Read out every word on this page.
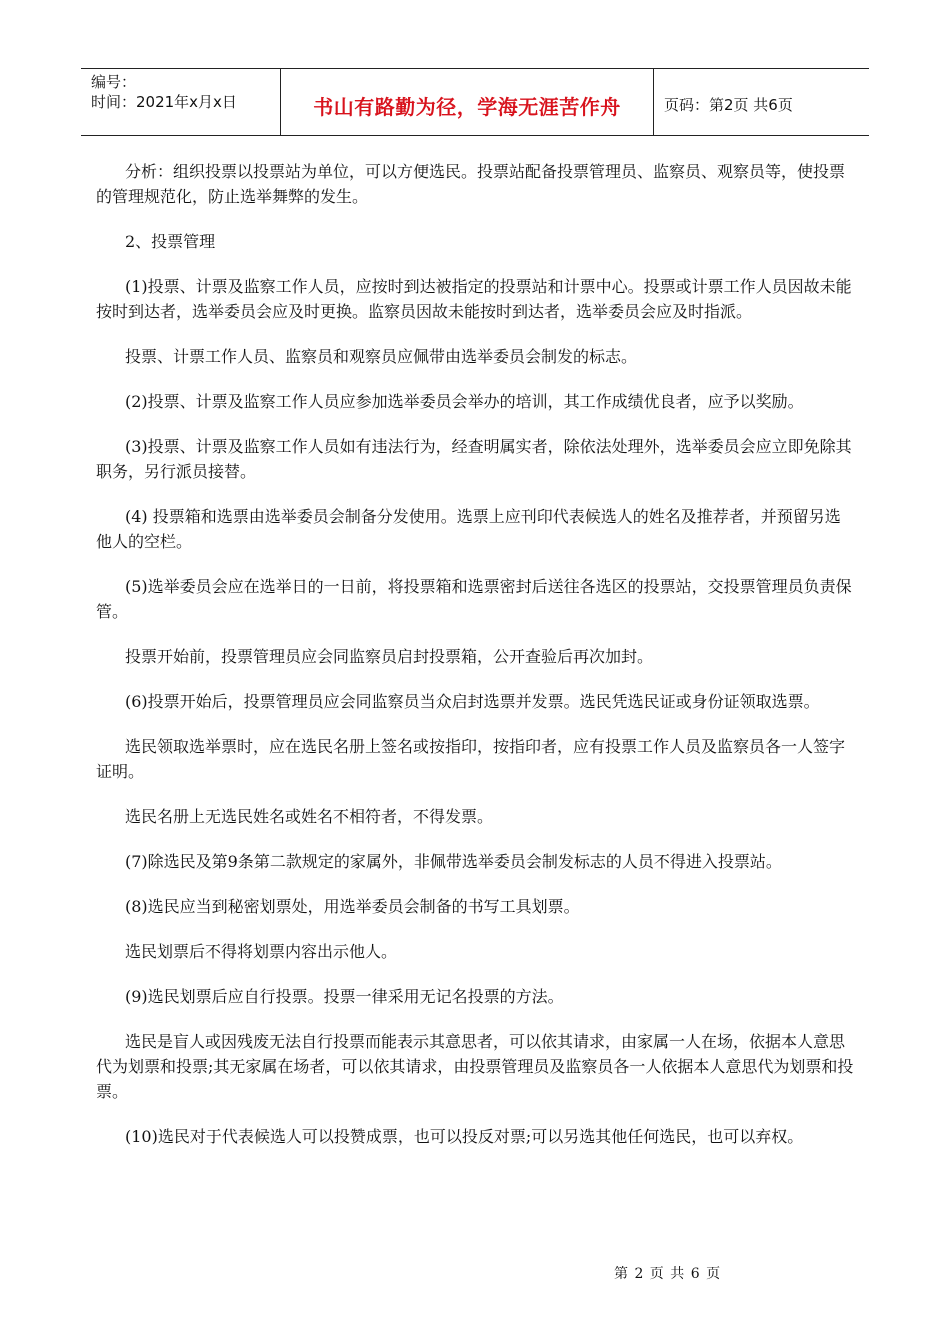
编号：
时间：2021年x月x日	书山有路勤为径，学海无涯苦作舟	页码：第2页 共6页

分析：组织投票以投票站为单位，可以方便选民。投票站配备投票管理员、监察员、观察员等，使投票的管理规范化，防止选举舞弊的发生。

2、投票管理

(1)投票、计票及监察工作人员，应按时到达被指定的投票站和计票中心。投票或计票工作人员因故未能按时到达者，选举委员会应及时更换。监察员因故未能按时到达者，选举委员会应及时指派。

投票、计票工作人员、监察员和观察员应佩带由选举委员会制发的标志。

(2)投票、计票及监察工作人员应参加选举委员会举办的培训，其工作成绩优良者，应予以奖励。

(3)投票、计票及监察工作人员如有违法行为，经查明属实者，除依法处理外，选举委员会应立即免除其职务，另行派员接替。

(4) 投票箱和选票由选举委员会制备分发使用。选票上应刊印代表候选人的姓名及推荐者，并预留另选他人的空栏。

(5)选举委员会应在选举日的一日前，将投票箱和选票密封后送往各选区的投票站，交投票管理员负责保管。

投票开始前，投票管理员应会同监察员启封投票箱，公开查验后再次加封。

(6)投票开始后，投票管理员应会同监察员当众启封选票并发票。选民凭选民证或身份证领取选票。

选民领取选举票时，应在选民名册上签名或按指印，按指印者，应有投票工作人员及监察员各一人签字证明。

选民名册上无选民姓名或姓名不相符者，不得发票。

(7)除选民及第9条第二款规定的家属外，非佩带选举委员会制发标志的人员不得进入投票站。

(8)选民应当到秘密划票处，用选举委员会制备的书写工具划票。

选民划票后不得将划票内容出示他人。

(9)选民划票后应自行投票。投票一律采用无记名投票的方法。

选民是盲人或因残废无法自行投票而能表示其意思者，可以依其请求，由家属一人在场，依据本人意思代为划票和投票;其无家属在场者，可以依其请求，由投票管理员及监察员各一人依据本人意思代为划票和投票。

(10)选民对于代表候选人可以投赞成票，也可以投反对票;可以另选其他任何选民，也可以弃权。

第 2 页 共 6 页
